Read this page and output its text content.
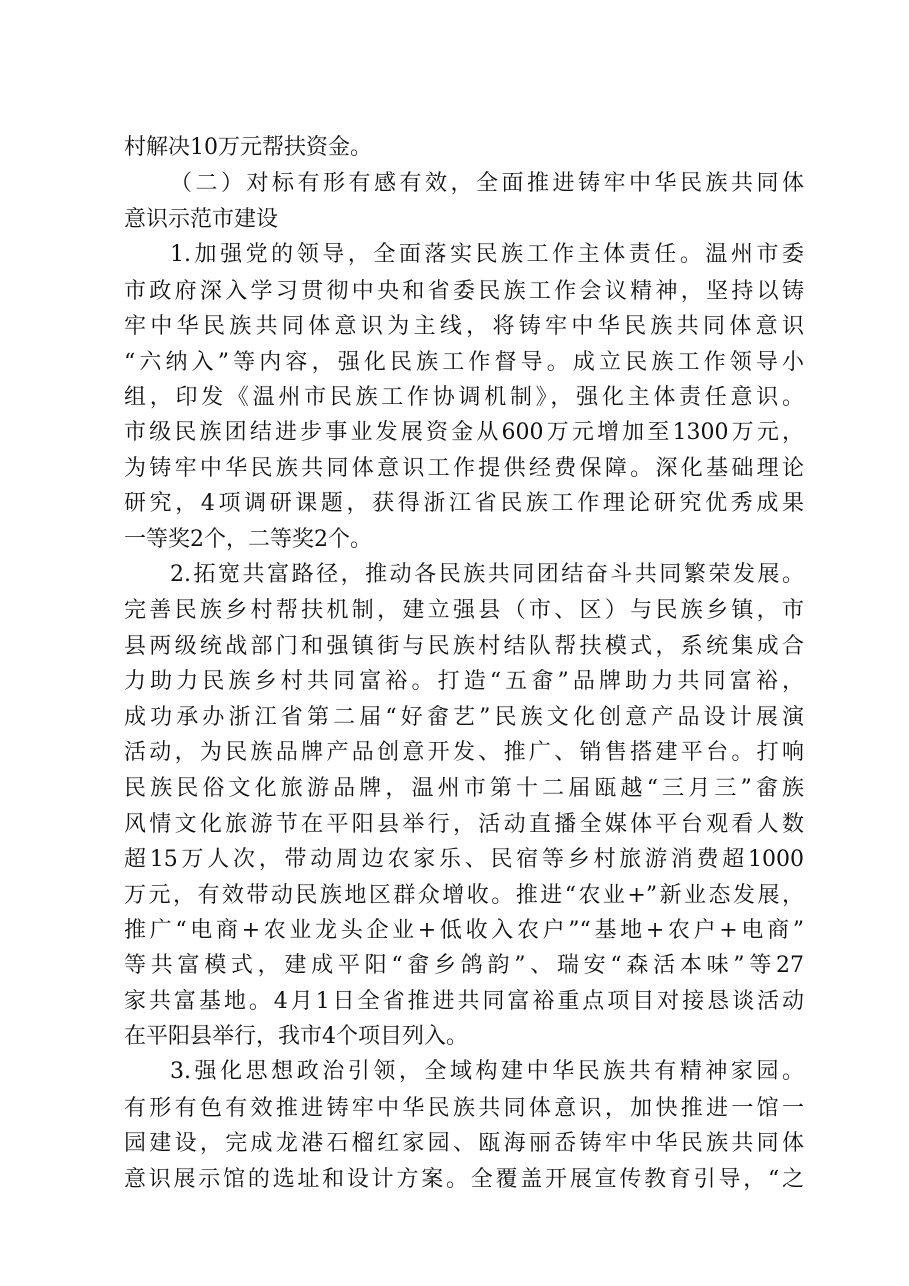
村解决10万元帮扶资金。
（二）对标有形有感有效，全面推进铸牢中华民族共同体
意识示范市建设
1.加强党的领导，全面落实民族工作主体责任。温州市委
市政府深入学习贯彻中央和省委民族工作会议精神，坚持以铸
牢中华民族共同体意识为主线，将铸牢中华民族共同体意识
“六纳入”等内容，强化民族工作督导。成立民族工作领导小
组，印发《温州市民族工作协调机制》，强化主体责任意识。
市级民族团结进步事业发展资金从600万元增加至1300万元，
为铸牢中华民族共同体意识工作提供经费保障。深化基础理论
研究，4项调研课题，获得浙江省民族工作理论研究优秀成果
一等奖2个，二等奖2个。
2.拓宽共富路径，推动各民族共同团结奋斗共同繁荣发展。
完善民族乡村帮扶机制，建立强县（市、区）与民族乡镇，市
县两级统战部门和强镇街与民族村结队帮扶模式，系统集成合
力助力民族乡村共同富裕。打造“五畲”品牌助力共同富裕，
成功承办浙江省第二届“好畲艺”民族文化创意产品设计展演
活动，为民族品牌产品创意开发、推广、销售搭建平台。打响
民族民俗文化旅游品牌，温州市第十二届瓯越“三月三”畲族
风情文化旅游节在平阳县举行，活动直播全媒体平台观看人数
超15万人次，带动周边农家乐、民宿等乡村旅游消费超1000
万元，有效带动民族地区群众增收。推进“农业+”新业态发展，
推广“电商+农业龙头企业+低收入农户”“基地+农户+电商”
等共富模式，建成平阳“畲乡鸽韵”、瑞安“森活本味”等27
家共富基地。4月1日全省推进共同富裕重点项目对接恳谈活动
在平阳县举行，我市4个项目列入。
3.强化思想政治引领，全域构建中华民族共有精神家园。
有形有色有效推进铸牢中华民族共同体意识，加快推进一馆一
园建设，完成龙港石榴红家园、瓯海丽岙铸牢中华民族共同体
意识展示馆的选址和设计方案。全覆盖开展宣传教育引导，“之
